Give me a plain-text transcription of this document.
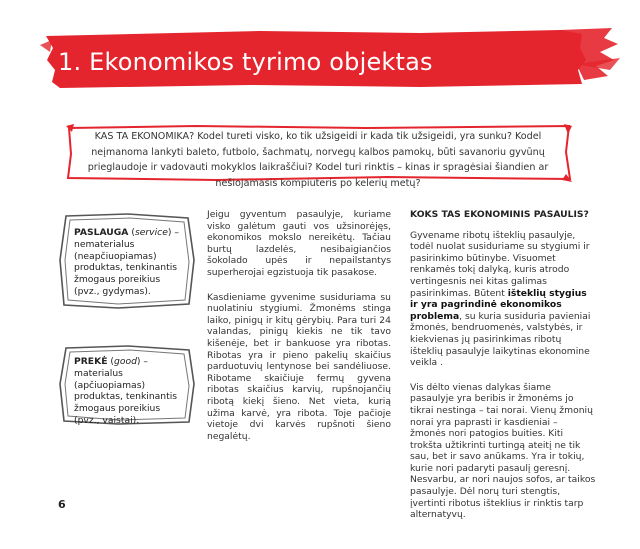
1. Ekonomikos tyrimo objektas
KAS TA EKONOMIKA? Kodel tureti visko, ko tik užsigeidi ir kada tik užsigeidi, yra sunku? Kodel neįmanoma lankyti baleto, futbolo, šachmatų, norvegų kalbos pamokų, būti savanoriu gyvūnų prieglaudoje ir vadovauti mokyklos laikraščiui? Kodel turi rinktis – kinas ir spragėsiai šiandien ar nešiojamasis kompiuteris po kelerių metų?
PASLAUGA (service) – nematerialus (neapčiuopiamas) produktas, tenkinantis žmogaus poreikius (pvz., gydymas).
PREKĖ (good) – materialus (apčiuopiamas) produktas, tenkinantis žmogaus poreikius (pvz., vaistai).

Jeigu gyventum pasaulyje, kuriame visko galėtum gauti vos užsinorėjęs, ekonomikos mokslo nereikėtų. Tačiau burtų lazdelės, nesibaigiančios šokolado upės ir nepailstantys superherojai egzistuoja tik pasakose.

Kasdieniame gyvenime susiduriama su nuolatiniu stygiumi. Žmonėms stinga laiko, pinigų ir kitų gėrybių. Para turi 24 valandas, pinigų kiekis ne tik tavo kišenėje, bet ir bankuose yra ribotas. Ribotas yra ir pieno pakelių skaičius parduotuvių lentynose bei sandėliuose. Ribotame skaičiuje fermų gyvena ribotas skaičius karvių, rupšnojančių ribotą kiekį šieno. Net vieta, kurią užima karvė, yra ribota. Toje pačioje vietoje dvi karvės rupšnoti šieno negalėtų.

KOKS TAS EKONOMINIS PASAULIS?

Gyvename ribotų išteklių pasaulyje, todėl nuolat susiduriame su stygiumi ir pasirinkimo būtinybe. Visuomet renkamės tokį dalyką, kuris atrodo vertingesnis nei kitas galimas pasirinkimas. Būtent išteklių stygius ir yra pagrindinė ekonomikos problema, su kuria susiduria pavieniai žmonės, bendruomenės, valstybės, ir kiekvienas jų pasirinkimas ribotų išteklių pasaulyje laikytinas ekonomine veikla .

Vis dėlto vienas dalykas šiame pasaulyje yra beribis ir žmonėms jo tikrai nestinga – tai norai. Vienų žmonių norai yra paprasti ir kasdieniai – žmonės nori patogios buities. Kiti trokšta užtikrinti turtingą ateitį ne tik sau, bet ir savo anūkams. Yra ir tokių, kurie nori padaryti pasaulį geresnį. Nesvarbu, ar nori naujos sofos, ar taikos pasaulyje. Dėl norų turi stengtis, įvertinti ribotus išteklius ir rinktis tarp alternatyvų.

6
